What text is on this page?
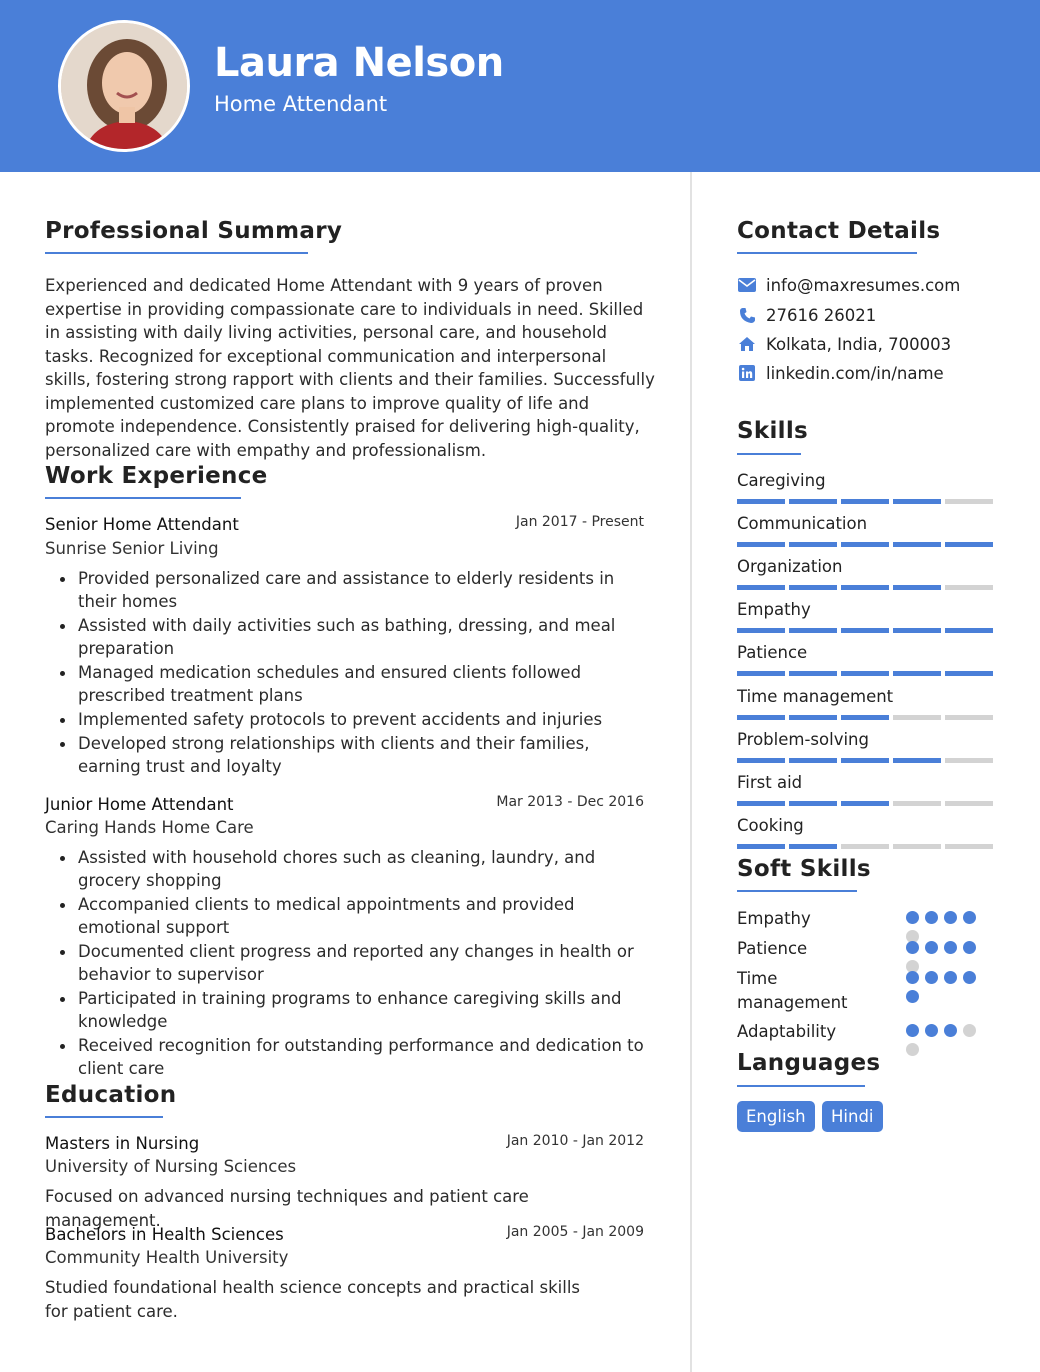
Laura Nelson
Home Attendant
Professional Summary
Experienced and dedicated Home Attendant with 9 years of proven expertise in providing compassionate care to individuals in need. Skilled in assisting with daily living activities, personal care, and household tasks. Recognized for exceptional communication and interpersonal skills, fostering strong rapport with clients and their families. Successfully implemented customized care plans to improve quality of life and promote independence. Consistently praised for delivering high-quality, personalized care with empathy and professionalism.
Work Experience
Senior Home Attendant	Jan 2017 - Present
Sunrise Senior Living
Provided personalized care and assistance to elderly residents in their homes
Assisted with daily activities such as bathing, dressing, and meal preparation
Managed medication schedules and ensured clients followed prescribed treatment plans
Implemented safety protocols to prevent accidents and injuries
Developed strong relationships with clients and their families, earning trust and loyalty
Junior Home Attendant	Mar 2013 - Dec 2016
Caring Hands Home Care
Assisted with household chores such as cleaning, laundry, and grocery shopping
Accompanied clients to medical appointments and provided emotional support
Documented client progress and reported any changes in health or behavior to supervisor
Participated in training programs to enhance caregiving skills and knowledge
Received recognition for outstanding performance and dedication to client care
Education
Masters in Nursing	Jan 2010 - Jan 2012
University of Nursing Sciences
Focused on advanced nursing techniques and patient care management.
Bachelors in Health Sciences	Jan 2005 - Jan 2009
Community Health University
Studied foundational health science concepts and practical skills for patient care.
Contact Details
info@maxresumes.com
27616 26021
Kolkata, India, 700003
linkedin.com/in/name
Skills
Caregiving
Communication
Organization
Empathy
Patience
Time management
Problem-solving
First aid
Cooking
Soft Skills
Empathy
Patience
Time management
Adaptability
Languages
English	Hindi
